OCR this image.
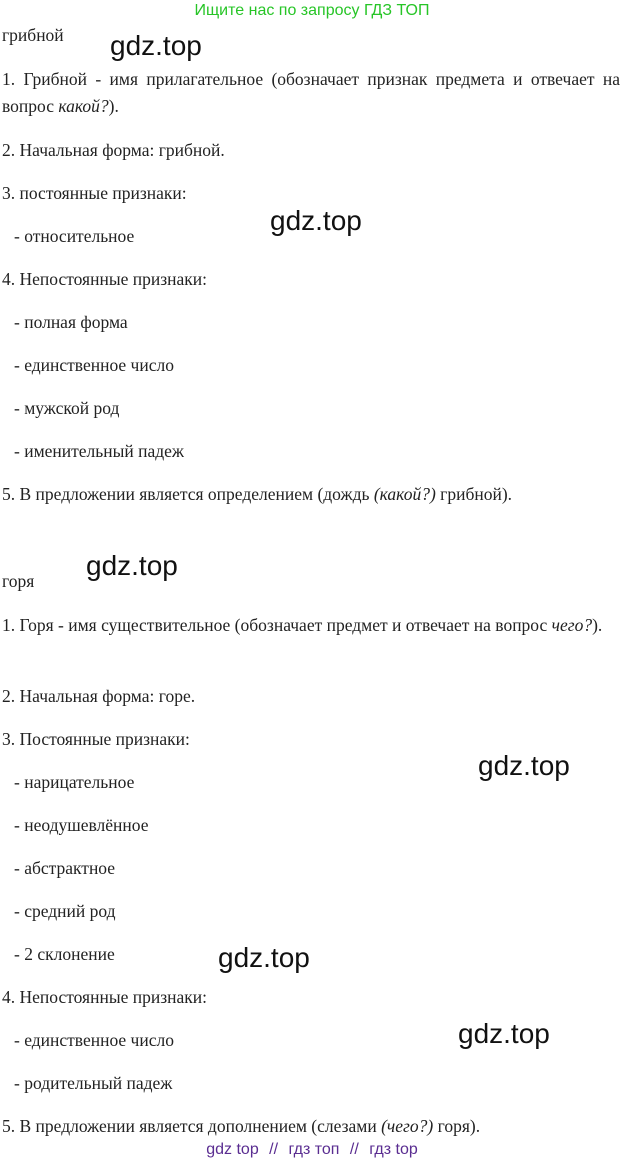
Ищите нас по запросу ГДЗ ТОП
грибной
1. Грибной - имя прилагательное (обозначает признак предмета и отвечает на вопрос какой?).
2. Начальная форма: грибной.
3. постоянные признаки:
- относительное
4. Непостоянные признаки:
- полная форма
- единственное число
- мужской род
- именительный падеж
5. В предложении является определением (дождь (какой?) грибной).
горя
1. Горя - имя существительное (обозначает предмет и отвечает на вопрос чего?).
2. Начальная форма: горе.
3. Постоянные признаки:
- нарицательное
- неодушевлённое
- абстрактное
- средний род
- 2 склонение
4. Непостоянные признаки:
- единственное число
- родительный падеж
5. В предложении является дополнением (слезами (чего?) горя).
gdz.top
gdz.top
gdz.top
gdz.top
gdz.top
gdz.top
gdz top // гдз топ // гдз top
